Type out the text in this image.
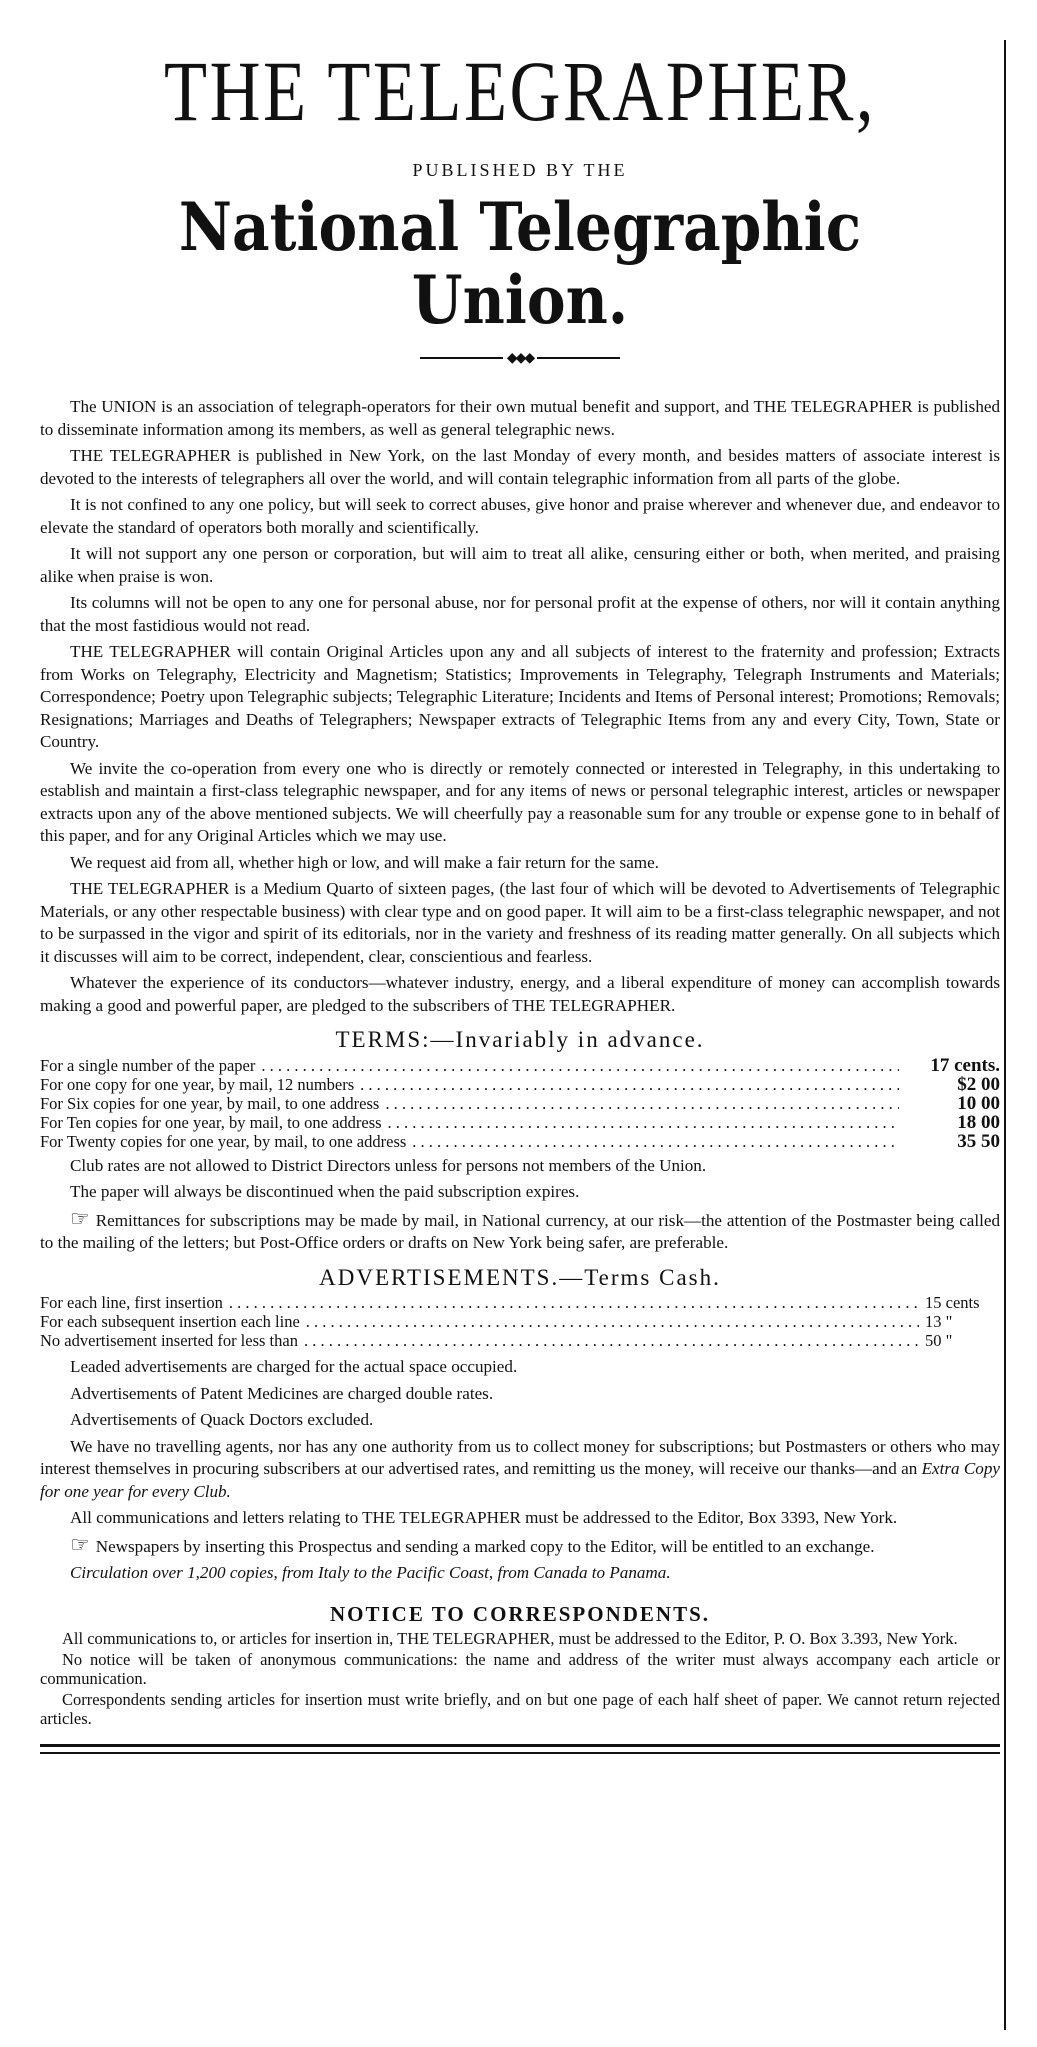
THE TELEGRAPHER,
PUBLISHED BY THE
National Telegraphic Union.
◆◆◆

The UNION is an association of telegraph-operators for their own mutual benefit and support, and THE TELEGRAPHER is published to disseminate information among its members, as well as general telegraphic news.

THE TELEGRAPHER is published in New York, on the last Monday of every month, and besides matters of associate interest is devoted to the interests of telegraphers all over the world, and will contain telegraphic information from all parts of the globe.

It is not confined to any one policy, but will seek to correct abuses, give honor and praise wherever and whenever due, and endeavor to elevate the standard of operators both morally and scientifically.

It will not support any one person or corporation, but will aim to treat all alike, censuring either or both, when merited, and praising alike when praise is won.

Its columns will not be open to any one for personal abuse, nor for personal profit at the expense of others, nor will it contain anything that the most fastidious would not read.

THE TELEGRAPHER will contain Original Articles upon any and all subjects of interest to the fraternity and profession; Extracts from Works on Telegraphy, Electricity and Magnetism; Statistics; Improvements in Telegraphy, Telegraph Instruments and Materials; Correspondence; Poetry upon Telegraphic subjects; Telegraphic Literature; Incidents and Items of Personal interest; Promotions; Removals; Resignations; Marriages and Deaths of Telegraphers; Newspaper extracts of Telegraphic Items from any and every City, Town, State or Country.

We invite the co-operation from every one who is directly or remotely connected or interested in Telegraphy, in this undertaking to establish and maintain a first-class telegraphic newspaper, and for any items of news or personal telegraphic interest, articles or newspaper extracts upon any of the above mentioned subjects. We will cheerfully pay a reasonable sum for any trouble or expense gone to in behalf of this paper, and for any Original Articles which we may use.

We request aid from all, whether high or low, and will make a fair return for the same.

THE TELEGRAPHER is a Medium Quarto of sixteen pages, (the last four of which will be devoted to Advertisements of Telegraphic Materials, or any other respectable business) with clear type and on good paper. It will aim to be a first-class telegraphic newspaper, and not to be surpassed in the vigor and spirit of its editorials, nor in the variety and freshness of its reading matter generally. On all subjects which it discusses will aim to be correct, independent, clear, conscientious and fearless.

Whatever the experience of its conductors—whatever industry, energy, and a liberal expenditure of money can accomplish towards making a good and powerful paper, are pledged to the subscribers of THE TELEGRAPHER.

TERMS:—Invariably in advance.
For a single number of the paper . . .	17 cents.
For one copy for one year, by mail, 12 numbers . . .	$2 00
For Six copies for one year, by mail, to one address . . .	10 00
For Ten copies for one year, by mail, to one address . . .	18 00
For Twenty copies for one year, by mail, to one address . . .	35 50

Club rates are not allowed to District Directors unless for persons not members of the Union.

The paper will always be discontinued when the paid subscription expires.

☞ Remittances for subscriptions may be made by mail, in National currency, at our risk—the attention of the Postmaster being called to the mailing of the letters; but Post-Office orders or drafts on New York being safer, are preferable.

ADVERTISEMENTS.—Terms Cash.
For each line, first insertion . . .	15 cents
For each subsequent insertion each line . . .	13 "
No advertisement inserted for less than . . .	50 "

Leaded advertisements are charged for the actual space occupied.

Advertisements of Patent Medicines are charged double rates.

Advertisements of Quack Doctors excluded.

We have no travelling agents, nor has any one authority from us to collect money for subscriptions; but Postmasters or others who may interest themselves in procuring subscribers at our advertised rates, and remitting us the money, will receive our thanks—and an Extra Copy for one year for every Club.

All communications and letters relating to THE TELEGRAPHER must be addressed to the Editor, Box 3393, New York.

☞ Newspapers by inserting this Prospectus and sending a marked copy to the Editor, will be entitled to an exchange.

Circulation over 1,200 copies, from Italy to the Pacific Coast, from Canada to Panama.

NOTICE TO CORRESPONDENTS.

All communications to, or articles for insertion in, THE TELEGRAPHER, must be addressed to the Editor, P. O. Box 3.393, New York.

No notice will be taken of anonymous communications: the name and address of the writer must always accompany each article or communication.

Correspondents sending articles for insertion must write briefly, and on but one page of each half sheet of paper. We cannot return rejected articles.
